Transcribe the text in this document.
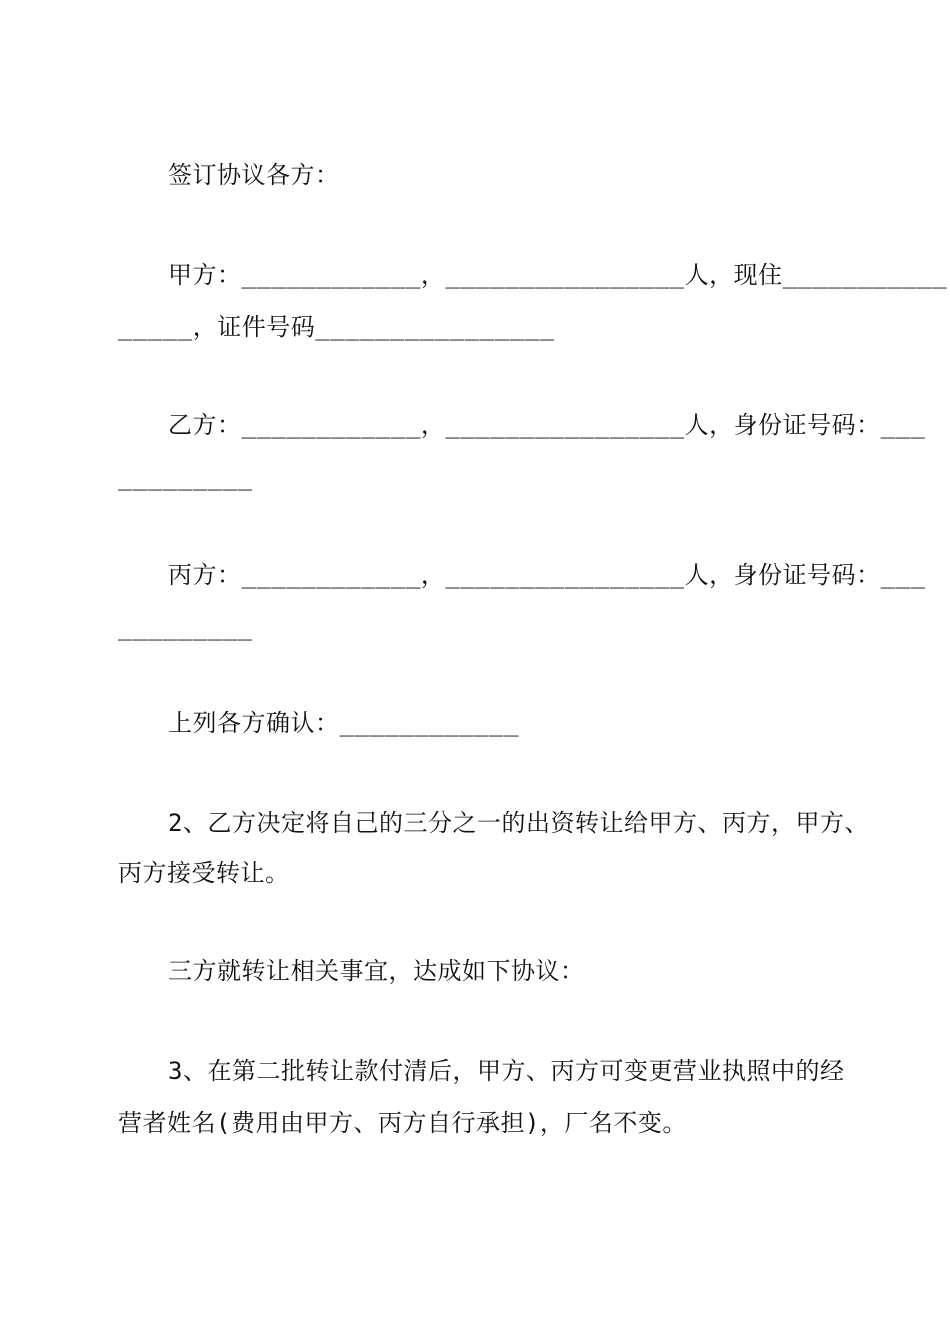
签订协议各方：
甲方：____________，________________人，现住___________
_____，证件号码________________
乙方：____________，________________人，身份证号码：___
_________
丙方：____________，________________人，身份证号码：___
_________
上列各方确认：____________
2、乙方决定将自己的三分之一的出资转让给甲方、丙方，甲方、
丙方接受转让。
三方就转让相关事宜，达成如下协议：
3、在第二批转让款付清后，甲方、丙方可变更营业执照中的经
营者姓名(费用由甲方、丙方自行承担)，厂名不变。
